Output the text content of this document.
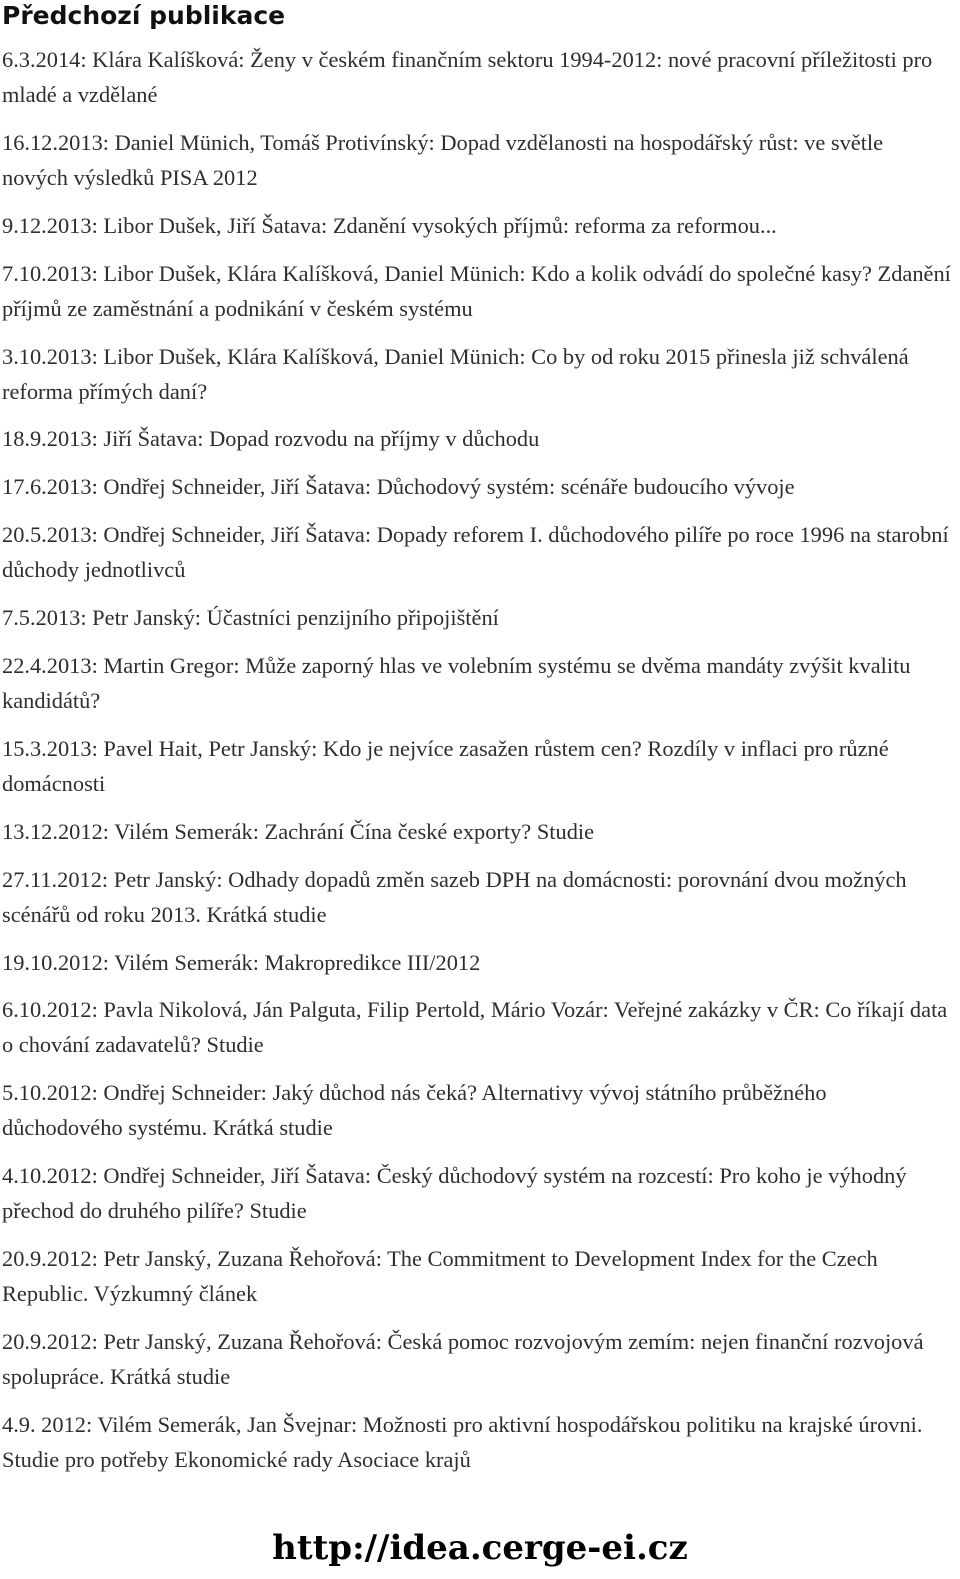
Předchozí publikace
6.3.2014: Klára Kalíšková: Ženy v českém finančním sektoru 1994-2012: nové pracovní příležitosti pro mladé a vzdělané
16.12.2013: Daniel Münich, Tomáš Protivínský: Dopad vzdělanosti na hospodářský růst: ve světle nových výsledků PISA 2012
9.12.2013: Libor Dušek, Jiří Šatava: Zdanění vysokých příjmů: reforma za reformou...
7.10.2013: Libor Dušek, Klára Kalíšková, Daniel Münich: Kdo a kolik odvádí do společné kasy? Zdanění příjmů ze zaměstnání a podnikání v českém systému
3.10.2013: Libor Dušek, Klára Kalíšková, Daniel Münich: Co by od roku 2015 přinesla již schválená reforma přímých daní?
18.9.2013: Jiří Šatava: Dopad rozvodu na příjmy v důchodu
17.6.2013: Ondřej Schneider, Jiří Šatava: Důchodový systém: scénáře budoucího vývoje
20.5.2013: Ondřej Schneider, Jiří Šatava: Dopady reforem I. důchodového pilíře po roce 1996 na starobní důchody jednotlivců
7.5.2013: Petr Janský: Účastníci penzijního připojištění
22.4.2013: Martin Gregor: Může zaporný hlas ve volebním systému se dvěma mandáty zvýšit kvalitu kandidátů?
15.3.2013: Pavel Hait, Petr Janský: Kdo je nejvíce zasažen růstem cen? Rozdíly v inflaci pro různé domácnosti
13.12.2012: Vilém Semerák: Zachrání Čína české exporty? Studie
27.11.2012: Petr Janský: Odhady dopadů změn sazeb DPH na domácnosti: porovnání dvou možných scénářů od roku 2013. Krátká studie
19.10.2012: Vilém Semerák: Makropredikce III/2012
6.10.2012: Pavla Nikolová, Ján Palguta, Filip Pertold, Mário Vozár: Veřejné zakázky v ČR: Co říkají data o chování zadavatelů? Studie
5.10.2012: Ondřej Schneider: Jaký důchod nás čeká? Alternativy vývoj státního průběžného důchodového systému. Krátká studie
4.10.2012: Ondřej Schneider, Jiří Šatava: Český důchodový systém na rozcestí: Pro koho je výhodný přechod do druhého pilíře? Studie
20.9.2012: Petr Janský, Zuzana Řehořová: The Commitment to Development Index for the Czech Republic. Výzkumný článek
20.9.2012: Petr Janský, Zuzana Řehořová: Česká pomoc rozvojovým zemím: nejen finanční rozvojová spolupráce. Krátká studie
4.9. 2012: Vilém Semerák, Jan Švejnar: Možnosti pro aktivní hospodářskou politiku na krajské úrovni. Studie pro potřeby Ekonomické rady Asociace krajů
http://idea.cerge-ei.cz
